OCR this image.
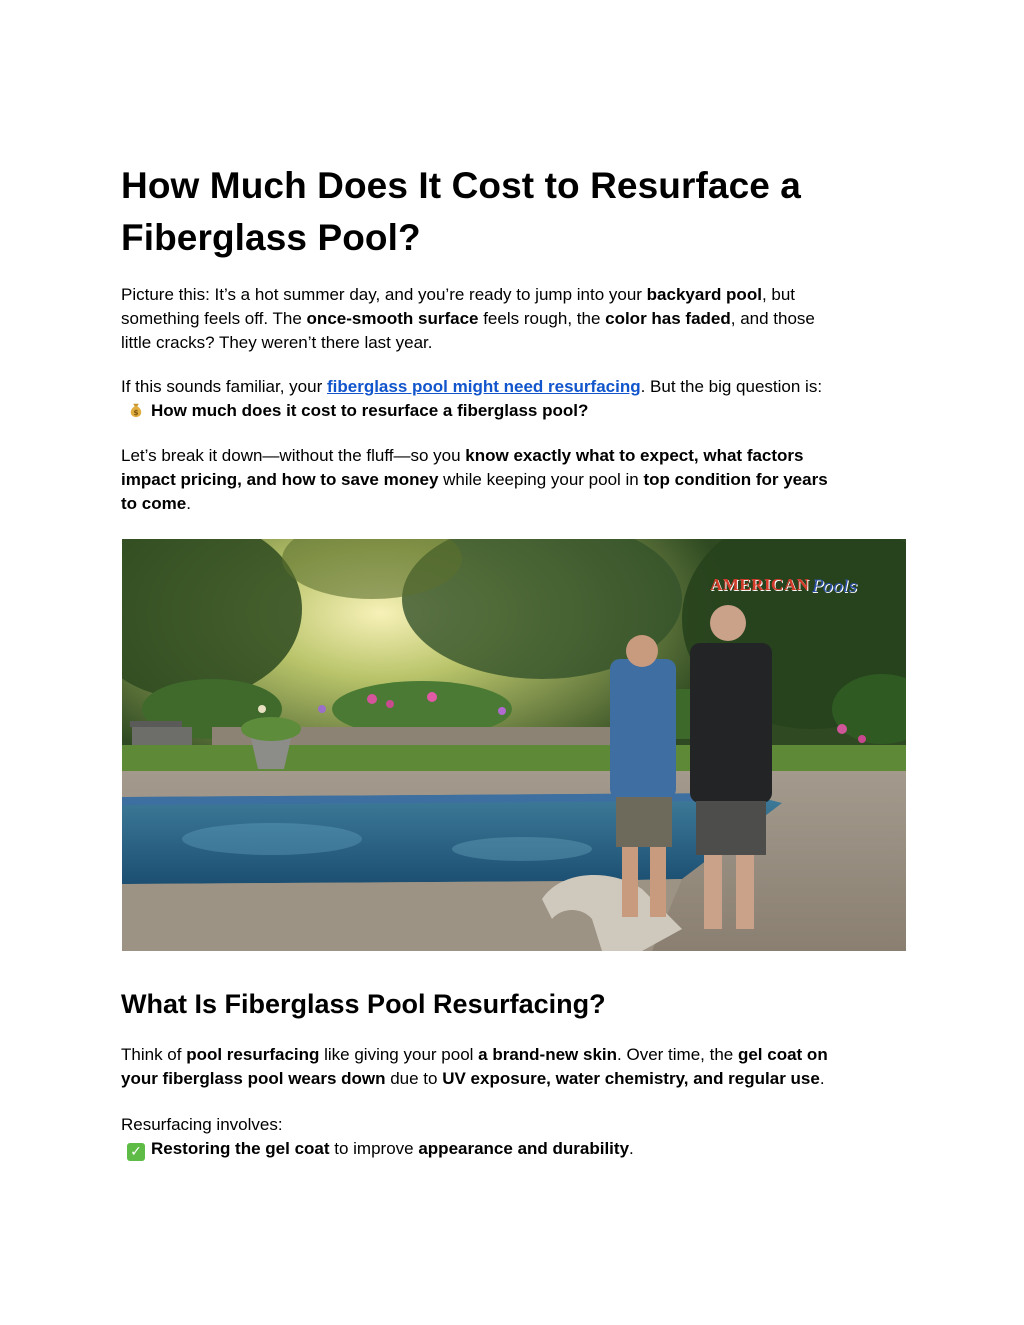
How Much Does It Cost to Resurface a Fiberglass Pool?

Picture this: It’s a hot summer day, and you’re ready to jump into your backyard pool, but
something feels off. The once-smooth surface feels rough, the color has faded, and those
little cracks? They weren’t there last year.

If this sounds familiar, your fiberglass pool might need resurfacing. But the big question is:
$ How much does it cost to resurface a fiberglass pool?

Let’s break it down—without the fluff—so you know exactly what to expect, what factors
impact pricing, and how to save money while keeping your pool in top condition for years
to come.

AMERICAN Pools
What Is Fiberglass Pool Resurfacing?

Think of pool resurfacing like giving your pool a brand-new skin. Over time, the gel coat on
your fiberglass pool wears down due to UV exposure, water chemistry, and regular use.

Resurfacing involves:
✓ Restoring the gel coat to improve appearance and durability.
